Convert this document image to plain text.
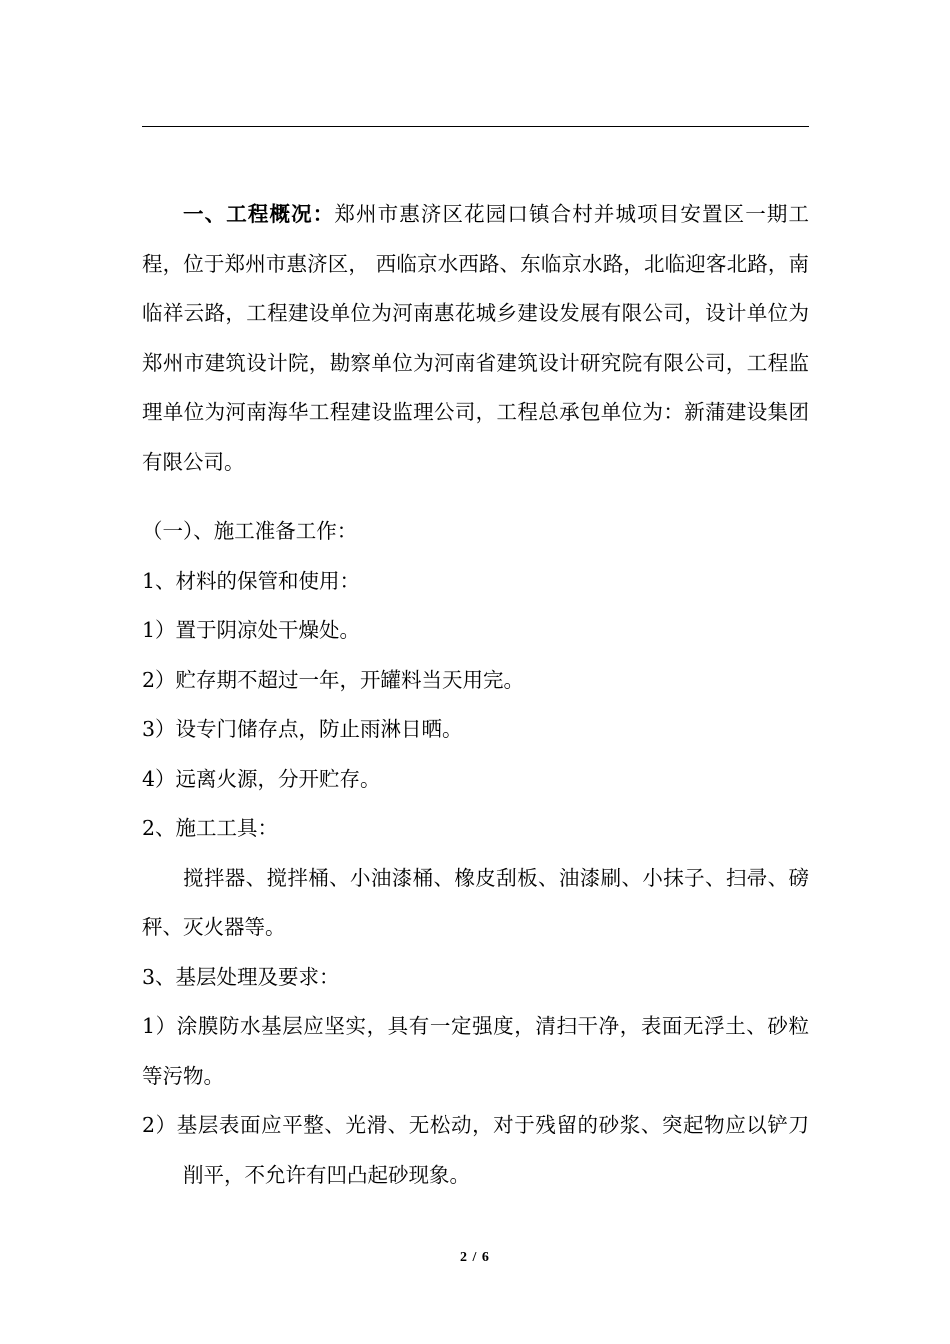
一、工程概况：郑州市惠济区花园口镇合村并城项目安置区一期工程，位于郑州市惠济区， 西临京水西路、东临京水路，北临迎客北路，南临祥云路，工程建设单位为河南惠花城乡建设发展有限公司，设计单位为郑州市建筑设计院，勘察单位为河南省建筑设计研究院有限公司，工程监理单位为河南海华工程建设监理公司，工程总承包单位为：新蒲建设集团有限公司。

（一）、施工准备工作：

1、材料的保管和使用：

1）置于阴凉处干燥处。

2）贮存期不超过一年，开罐料当天用完。

3）设专门储存点，防止雨淋日晒。

4）远离火源，分开贮存。

2、施工工具：

搅拌器、搅拌桶、小油漆桶、橡皮刮板、油漆刷、小抹子、扫帚、磅秤、灭火器等。

3、基层处理及要求：

1）涂膜防水基层应坚实，具有一定强度，清扫干净，表面无浮土、砂粒等污物。

2）基层表面应平整、光滑、无松动，对于残留的砂浆、突起物应以铲刀削平，不允许有凹凸起砂现象。

2 / 6
